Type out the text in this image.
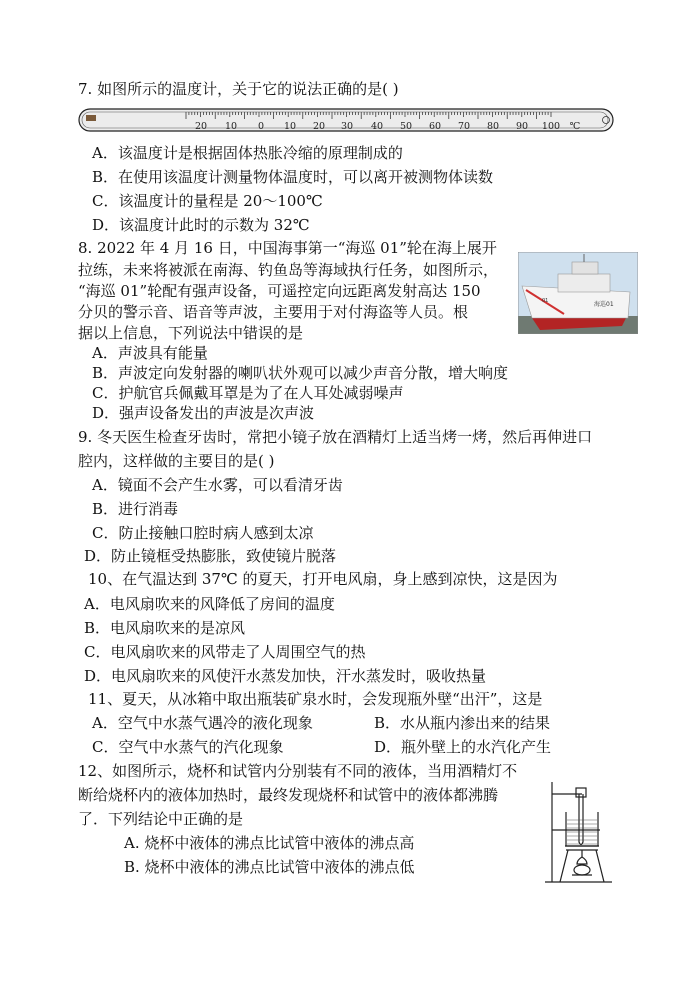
7. 如图所示的温度计，关于它的说法正确的是( )
20 10 0 10 20 30 40 50 60 70 80 90 100 ℃
A．该温度计是根据固体热胀冷缩的原理制成的
B．在使用该温度计测量物体温度时，可以离开被测物体读数
C．该温度计的量程是 20～100℃
D．该温度计此时的示数为 32℃
8. 2022 年 4 月 16 日，中国海事第一“海巡 01”轮在海上展开
拉练，未来将被派在南海、钓鱼岛等海域执行任务，如图所示，
“海巡 01”轮配有强声设备，可遥控定向远距离发射高达 150
分贝的警示音、语音等声波，主要用于对付海盗等人员。根
据以上信息，下列说法中错误的是
01	海巡01
A．声波具有能量
B．声波定向发射器的喇叭状外观可以减少声音分散，增大响度
C．护航官兵佩戴耳罩是为了在人耳处减弱噪声
D．强声设备发出的声波是次声波
9. 冬天医生检查牙齿时，常把小镜子放在酒精灯上适当烤一烤，然后再伸进口
腔内，这样做的主要目的是( )
A．镜面不会产生水雾，可以看清牙齿
B．进行消毒
C．防止接触口腔时病人感到太凉
D．防止镜框受热膨胀，致使镜片脱落
10、在气温达到 37℃ 的夏天，打开电风扇，身上感到凉快，这是因为
A．电风扇吹来的风降低了房间的温度
B．电风扇吹来的是凉风
C．电风扇吹来的风带走了人周围空气的热
D．电风扇吹来的风使汗水蒸发加快，汗水蒸发时，吸收热量
11、夏天，从冰箱中取出瓶装矿泉水时，会发现瓶外壁“出汗”，这是
A．空气中水蒸气遇冷的液化现象	B．水从瓶内渗出来的结果
C．空气中水蒸气的汽化现象	D．瓶外壁上的水汽化产生
12、如图所示，烧杯和试管内分别装有不同的液体，当用酒精灯不
断给烧杯内的液体加热时，最终发现烧杯和试管中的液体都沸腾
了．下列结论中正确的是
A. 烧杯中液体的沸点比试管中液体的沸点高
B. 烧杯中液体的沸点比试管中液体的沸点低
